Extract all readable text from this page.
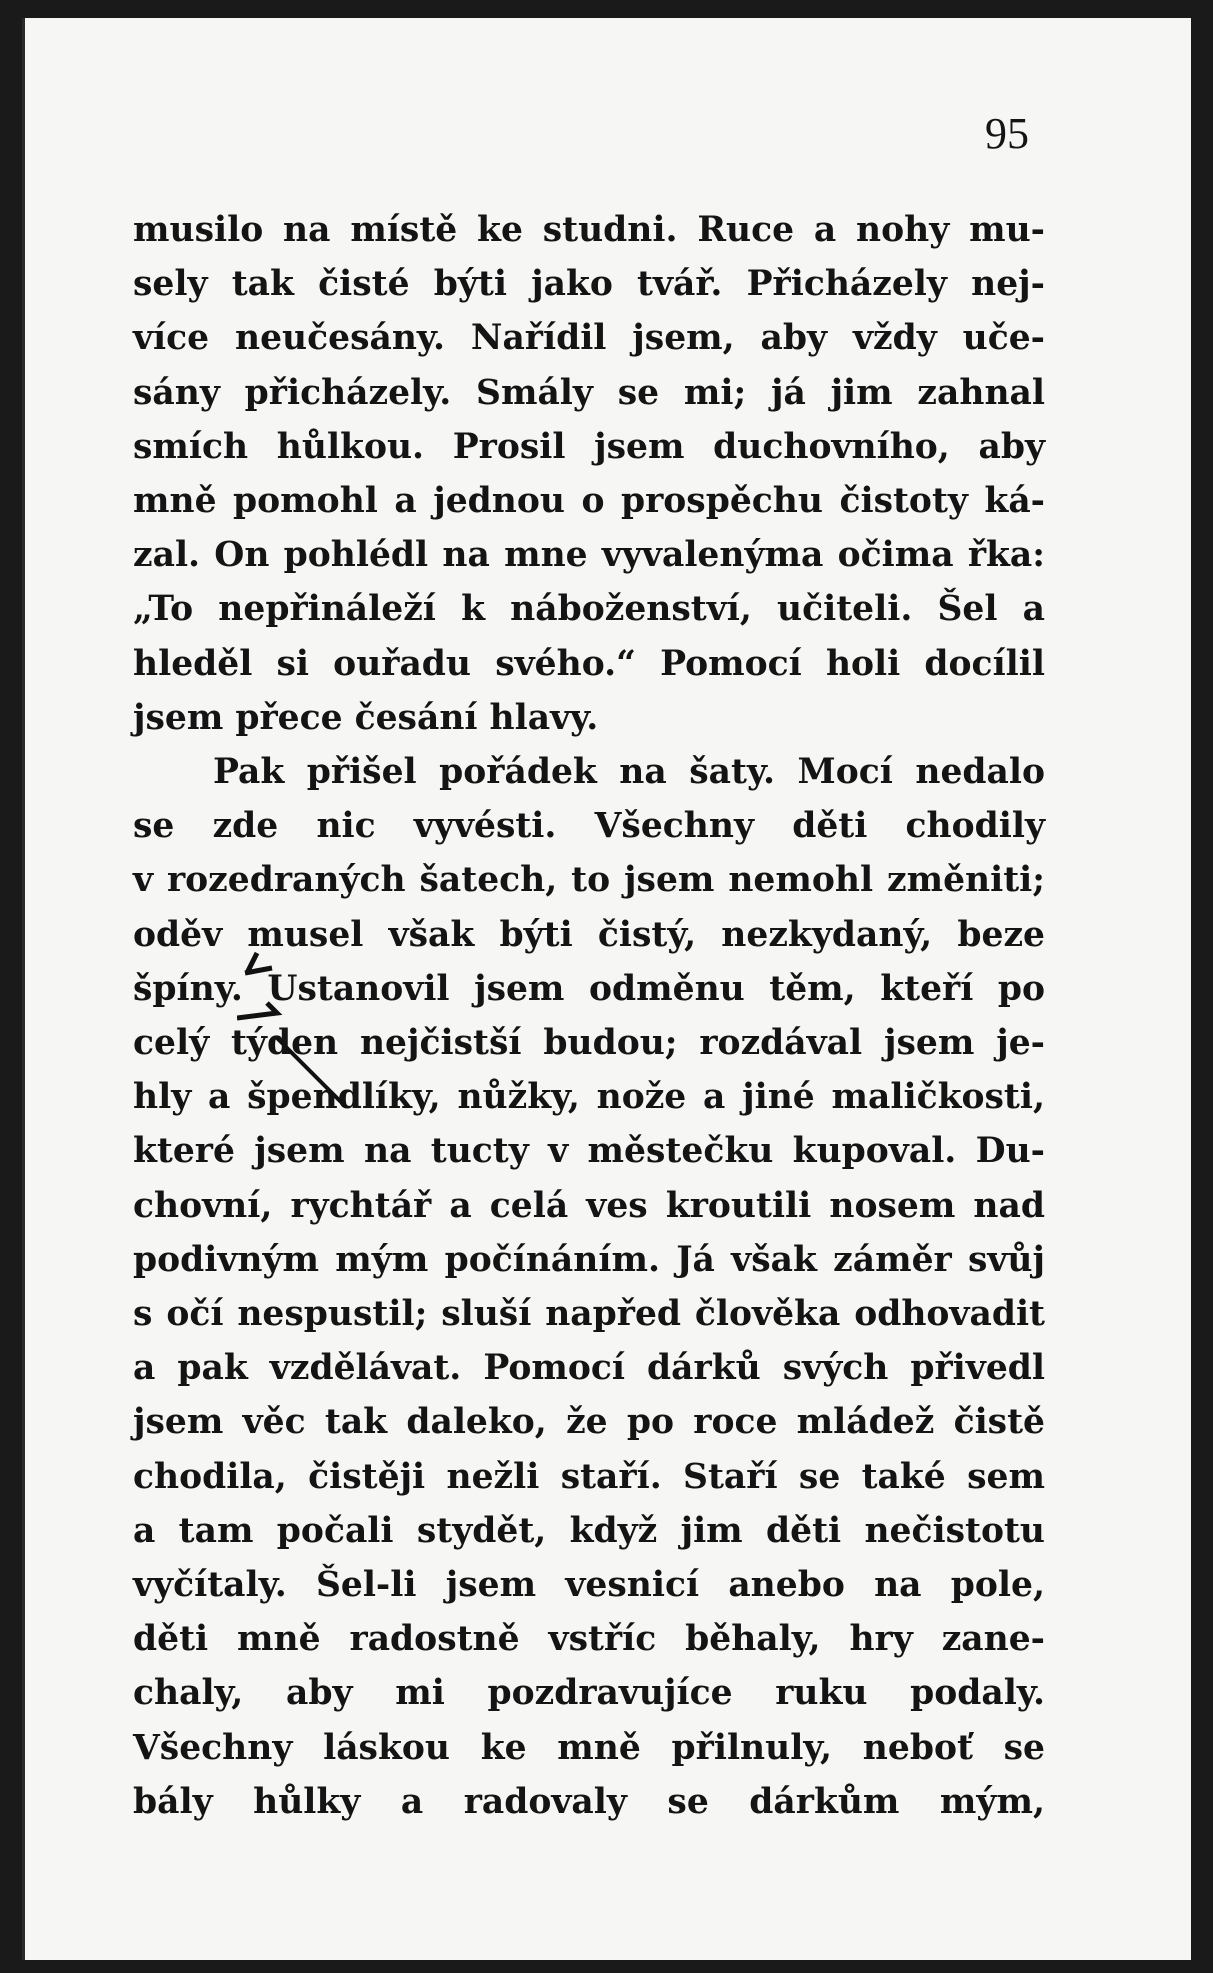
95
musilo na místě ke studni. Ruce a nohy mu-
sely tak čisté býti jako tvář. Přicházely nej-
více neučesány. Nařídil jsem, aby vždy uče-
sány přicházely. Smály se mi; já jim zahnal
smích hůlkou. Prosil jsem duchovního, aby
mně pomohl a jednou o prospěchu čistoty ká-
zal. On pohlédl na mne vyvalenýma očima řka:
„To nepřináleží k náboženství, učiteli. Šel a
hleděl si ouřadu svého.“ Pomocí holi docílil
jsem přece česání hlavy.
Pak přišel pořádek na šaty. Mocí nedalo
se zde nic vyvésti. Všechny děti chodily
v rozedraných šatech, to jsem nemohl změniti;
oděv musel však býti čistý, nezkydaný, beze
špíny. Ustanovil jsem odměnu těm, kteří po
celý týden nejčistší budou; rozdával jsem je-
hly a špendlíky, nůžky, nože a jiné maličkosti,
které jsem na tucty v městečku kupoval. Du-
chovní, rychtář a celá ves kroutili nosem nad
podivným mým počínáním. Já však záměr svůj
s očí nespustil; sluší napřed člověka odhovadit
a pak vzdělávat. Pomocí dárků svých přivedl
jsem věc tak daleko, že po roce mládež čistě
chodila, čistěji nežli staří. Staří se také sem
a tam počali stydět, když jim děti nečistotu
vyčítaly. Šel-li jsem vesnicí anebo na pole,
děti mně radostně vstříc běhaly, hry zane-
chaly, aby mi pozdravujíce ruku podaly.
Všechny láskou ke mně přilnuly, neboť se
bály hůlky a radovaly se dárkům mým,
